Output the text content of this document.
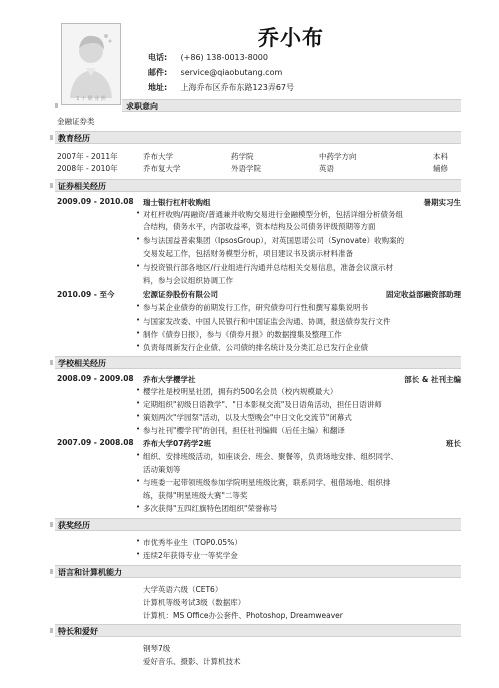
1 十 职 业 照
乔小布
电话: (+86) 138-0013-8000
邮件: service@qiaobutang.com
地址: 上海乔布区乔布东路123弄67号
求职意向
金融证券类
教育经历
2007年 - 2011年	乔布大学	药学院	中药学方向	本科
2008年 - 2010年	乔布复大学	外语学院	英语	辅修
证券相关经历
2009.09 - 2010.08 瑞士银行杠杆收购组	暑期实习生
• 对杠杆收购/再融资/普通兼并收购交易进行金融模型分析，包括详细分析债务组
合结构，债务水平，内部收益率，资本结构及公司债务评级预期等方面
• 参与法国益普索集团（IpsosGroup），对英国思诺公司（Synovate）收购案的
交易发起工作，包括财务模型分析，项目建议书及演示材料准备
• 与投资银行部各地区/行业组进行沟通并总结相关交易信息，准备会议演示材
料，参与会议组织协调工作
2010.09 - 至今	宏源证券股份有限公司	固定收益部融资部助理
• 参与某企业债券的前期发行工作，研究债券可行性和撰写募集说明书
• 与国家发改委、中国人民银行和中国证监会沟通、协调，报送债券发行文件
• 制作《债券日报》，参与《债券月报》的数据搜集及整理工作
• 负责每周新发行企业债、公司债的排名统计及分类汇总已发行企业债
学校相关经历
2008.09 - 2009.08 乔布大学樱学社	部长 & 社刊主编
• 樱学社是校明星社团，拥有约500名会员（校内规模最大）
• 定期组织"初级日语教学"、"日本影视交流"及日语角活动，担任日语讲师
• 策划两次"学园祭"活动，以及大型晚会"中日文化交流节"闭幕式
• 参与社刊"樱学刊"的创刊，担任社刊编辑（后任主编）和翻译
2007.09 - 2008.08 乔布大学07药学2班	班长
• 组织、安排班级活动，如座谈会、班会、聚餐等，负责场地安排、组织同学、
活动策划等
• 与班委一起带领班级参加学院明星班级比赛，联系同学、租借场地、组织排
练，获得"明星班级大赛"二等奖
• 多次获得"五四红旗特色团组织"荣誉称号
获奖经历
• 市优秀毕业生（TOP0.05%）
• 连续2年获得专业一等奖学金
语言和计算机能力
大学英语六级（CET6）
计算机等级考试3级（数据库）
计算机：MS Office办公套件、Photoshop, Dreamweaver
特长和爱好
钢琴7级
爱好音乐、摄影、计算机技术
